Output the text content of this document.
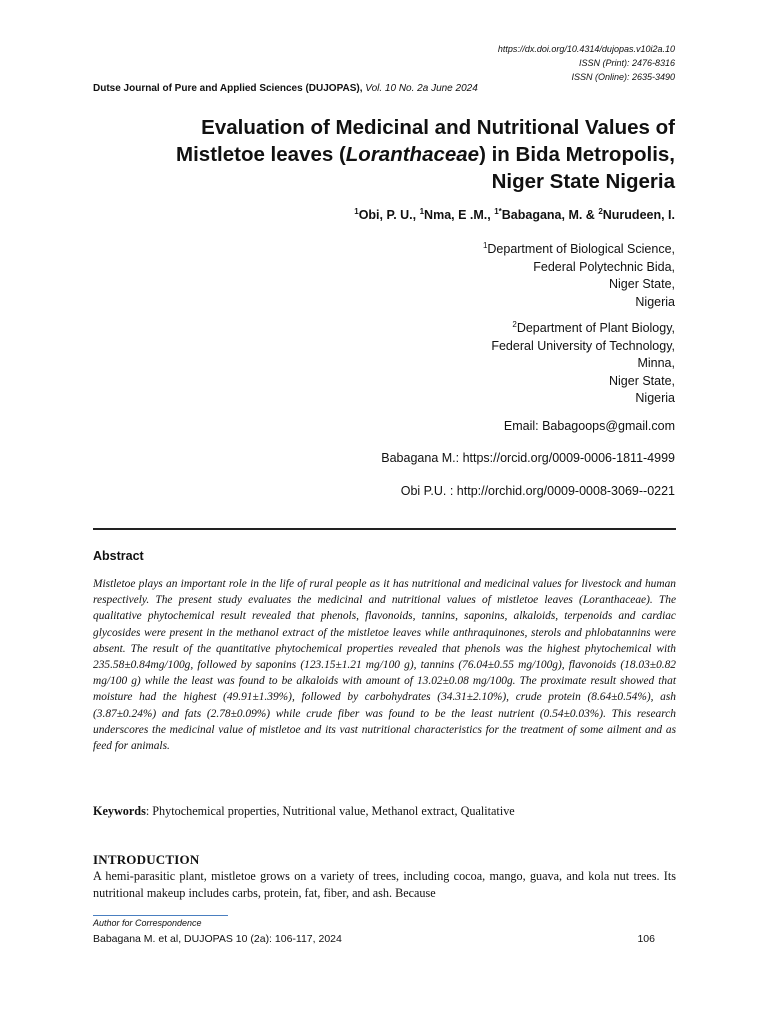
https://dx.doi.org/10.4314/dujopas.v10i2a.10
ISSN (Print): 2476-8316
ISSN (Online): 2635-3490
Dutse Journal of Pure and Applied Sciences (DUJOPAS), Vol. 10 No. 2a June 2024
Evaluation of Medicinal and Nutritional Values of
Mistletoe leaves (Loranthaceae) in Bida Metropolis,
Niger State Nigeria
$^1$Obi, P. U., $^1$Nma, E .M., $^{1*}$Babagana, M. & $^2$Nurudeen, I.
$^1$Department of Biological Science,
Federal Polytechnic Bida,
Niger State,
Nigeria
$^2$Department of Plant Biology,
Federal University of Technology,
Minna,
Niger State,
Nigeria
Email: Babagoops@gmail.com
Babagana M.: https://orcid.org/0009-0006-1811-4999
Obi P.U. : http://orchid.org/0009-0008-3069--0221
Abstract
Mistletoe plays an important role in the life of rural people as it has nutritional and medicinal values for livestock and human respectively. The present study evaluates the medicinal and nutritional values of mistletoe leaves (Loranthaceae). The qualitative phytochemical result revealed that phenols, flavonoids, tannins, saponins, alkaloids, terpenoids and cardiac glycosides were present in the methanol extract of the mistletoe leaves while anthraquinones, sterols and phlobatannins were absent. The result of the quantitative phytochemical properties revealed that phenols was the highest phytochemical with 235.58±0.84mg/100g, followed by saponins (123.15±1.21 mg/100 g), tannins (76.04±0.55 mg/100g), flavonoids (18.03±0.82 mg/100 g) while the least was found to be alkaloids with amount of 13.02±0.08 mg/100g. The proximate result showed that moisture had the highest (49.91±1.39%), followed by carbohydrates (34.31±2.10%), crude protein (8.64±0.54%), ash (3.87±0.24%) and fats (2.78±0.09%) while crude fiber was found to be the least nutrient (0.54±0.03%). This research underscores the medicinal value of mistletoe and its vast nutritional characteristics for the treatment of some ailment and as feed for animals.
Keywords: Phytochemical properties, Nutritional value, Methanol extract, Qualitative
INTRODUCTION
A hemi-parasitic plant, mistletoe grows on a variety of trees, including cocoa, mango, guava, and kola nut trees. Its nutritional makeup includes carbs, protein, fat, fiber, and ash. Because
Author for Correspondence
Babagana M. et al, DUJOPAS 10 (2a): 106-117, 2024	106
